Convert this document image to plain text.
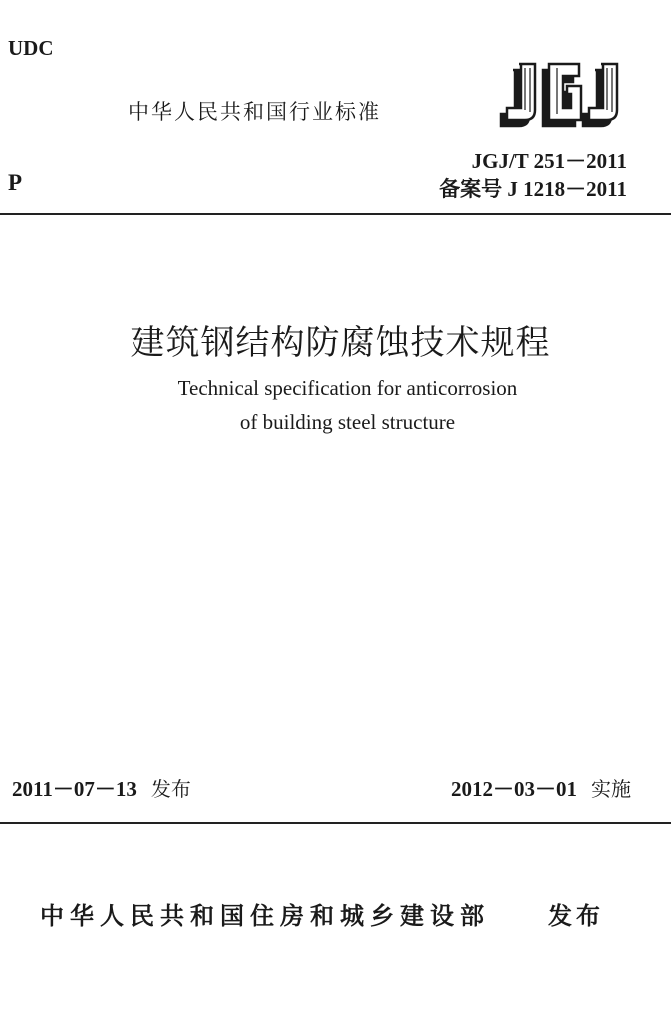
UDC
中华人民共和国行业标准
JGJ/T 251－2011
备案号 J 1218－2011
P
建筑钢结构防腐蚀技术规程
Technical specification for anticorrosion
of building steel structure
2011－07－13 发布	2012－03－01 实施
中华人民共和国住房和城乡建设部 发布
